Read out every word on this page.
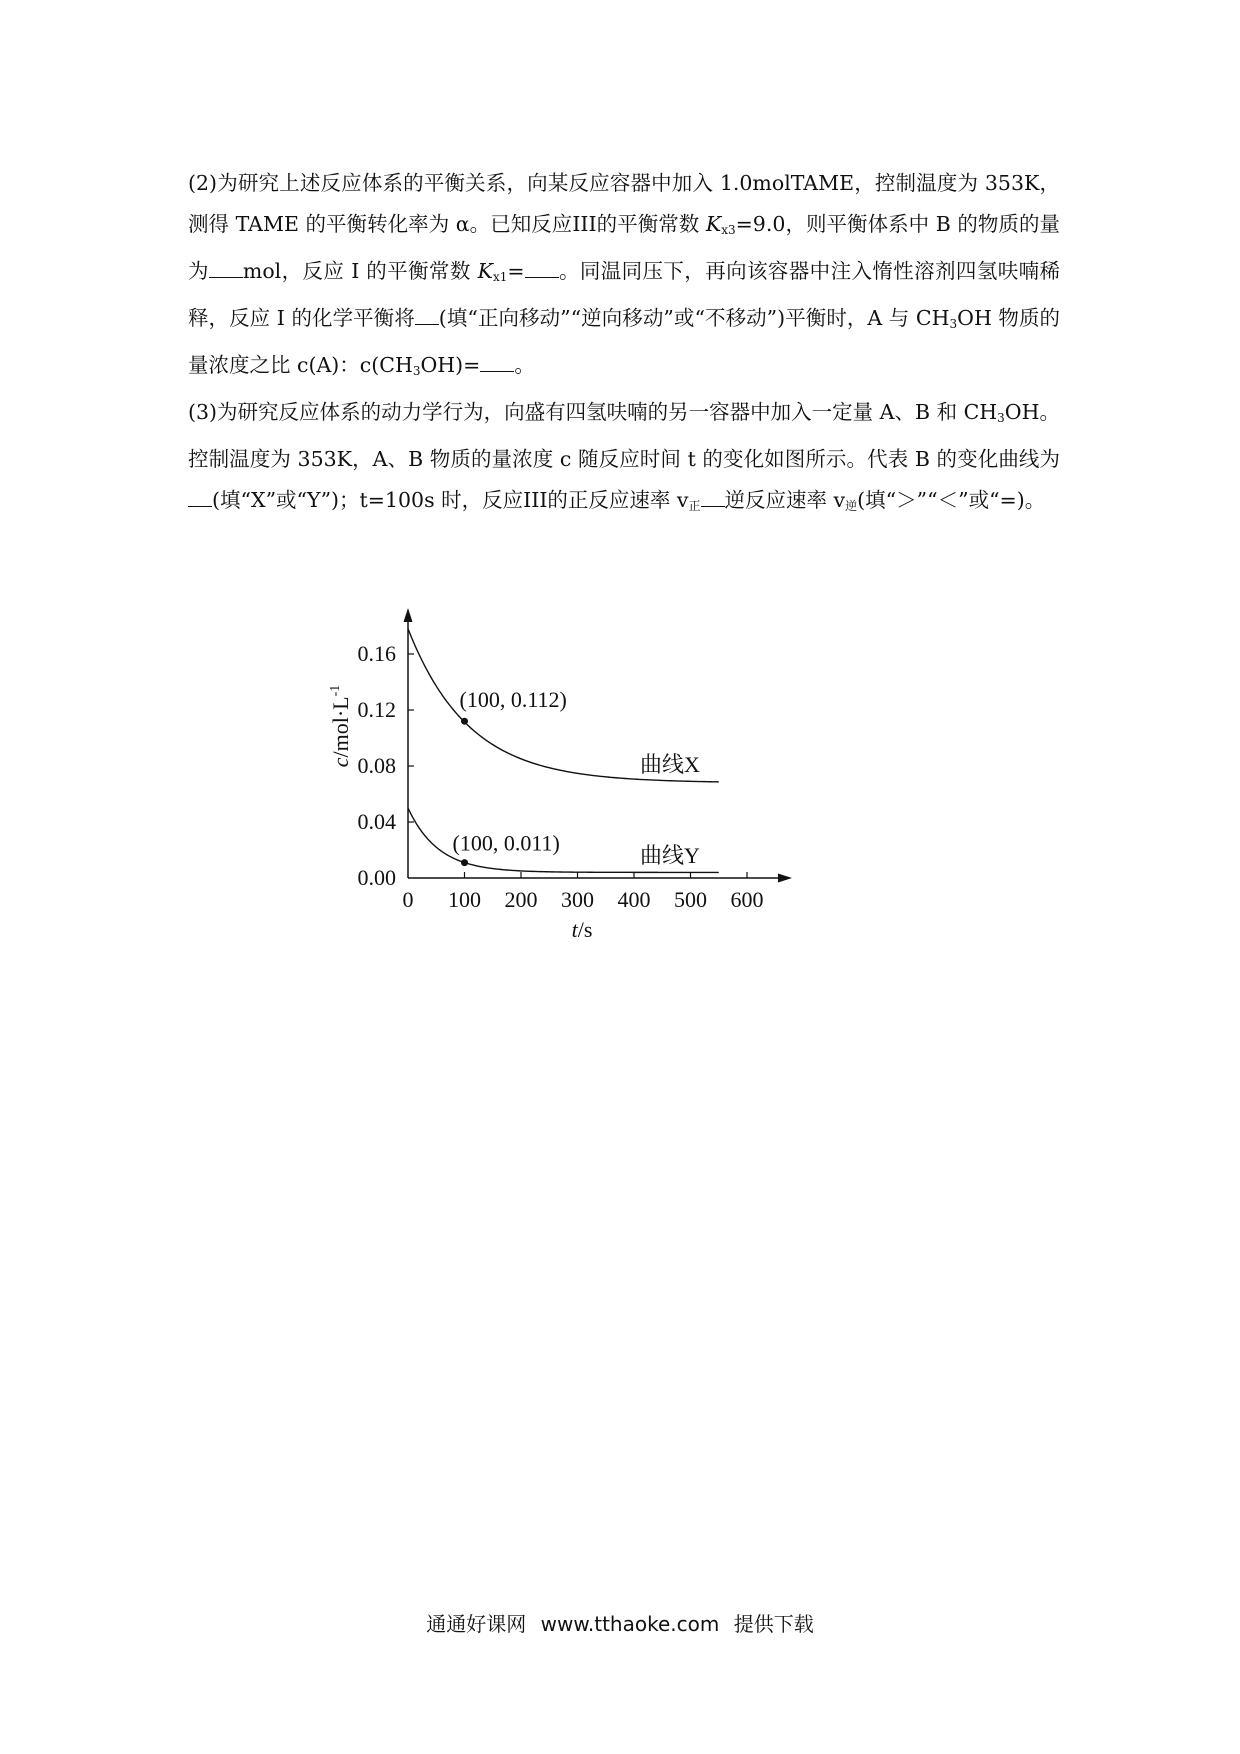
(2)为研究上述反应体系的平衡关系，向某反应容器中加入 1.0molTAME，控制温度为 353K，测得 TAME 的平衡转化率为 α。已知反应III的平衡常数 $K_{x3}=9.0$，则平衡体系中 B 的物质的量为 mol，反应 I 的平衡常数 $K_{x1}=$ 。同温同压下，再向该容器中注入惰性溶剂四氢呋喃稀释，反应 I 的化学平衡将 (填“正向移动”“逆向移动”或“不移动”)平衡时，A 与 $CH_3OH$ 物质的量浓度之比 c(A)：$c(CH_3OH)=$ 。

(3)为研究反应体系的动力学行为，向盛有四氢呋喃的另一容器中加入一定量 A、B 和 $CH_3OH$。控制温度为 353K，A、B 物质的量浓度 c 随反应时间 t 的变化如图所示。代表 B 的变化曲线为(填“X”或“Y”)；t=100s 时，反应III的正反应速率 $v_正$ 逆反应速率 $v_逆$(填“＞”“＜”或“=)。

0 100 200 300 400 500 600
0.00
0.04
0.08
0.12
0.16
t/s
$c/mol\cdot L^{-1}$
曲线X
曲线Y
(100, 0.112)
(100, 0.011)
通通好课网 www.tthaoke.com 提供下载
